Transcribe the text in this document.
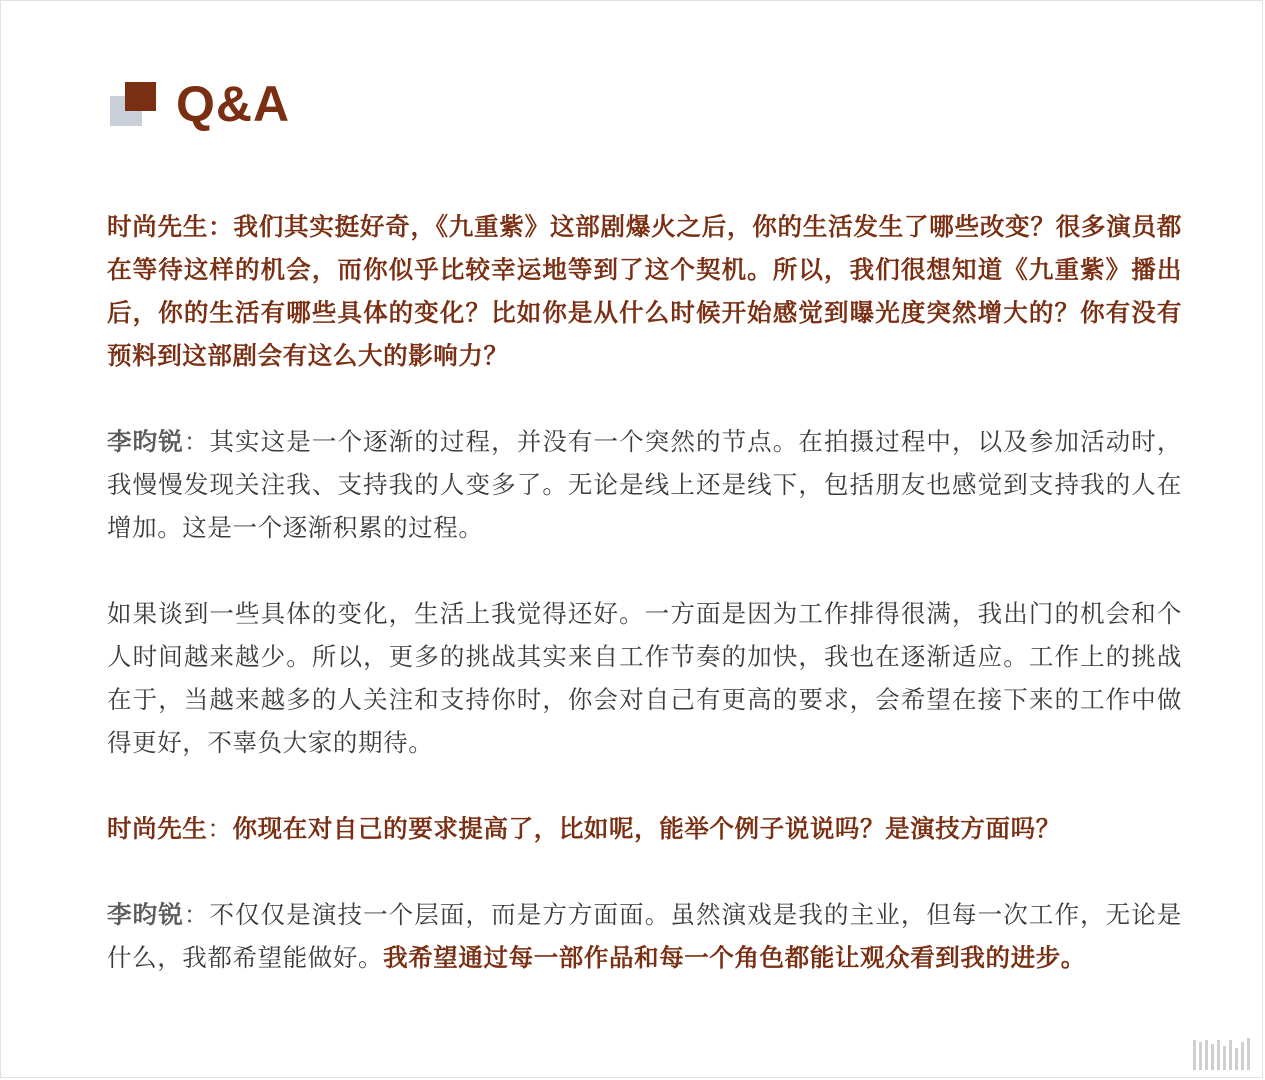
Q&A

时尚先生：我们其实挺好奇，《九重紫》这部剧爆火之后，你的生活发生了哪些改变？很多演员都在等待这样的机会，而你似乎比较幸运地等到了这个契机。所以，我们很想知道《九重紫》播出后，你的生活有哪些具体的变化？比如你是从什么时候开始感觉到曝光度突然增大的？你有没有预料到这部剧会有这么大的影响力？

李昀锐：其实这是一个逐渐的过程，并没有一个突然的节点。在拍摄过程中，以及参加活动时，我慢慢发现关注我、支持我的人变多了。无论是线上还是线下，包括朋友也感觉到支持我的人在增加。这是一个逐渐积累的过程。

如果谈到一些具体的变化，生活上我觉得还好。一方面是因为工作排得很满，我出门的机会和个人时间越来越少。所以，更多的挑战其实来自工作节奏的加快，我也在逐渐适应。工作上的挑战在于，当越来越多的人关注和支持你时，你会对自己有更高的要求，会希望在接下来的工作中做得更好，不辜负大家的期待。

时尚先生：你现在对自己的要求提高了，比如呢，能举个例子说说吗？是演技方面吗？

李昀锐：不仅仅是演技一个层面，而是方方面面。虽然演戏是我的主业，但每一次工作，无论是什么，我都希望能做好。我希望通过每一部作品和每一个角色都能让观众看到我的进步。
